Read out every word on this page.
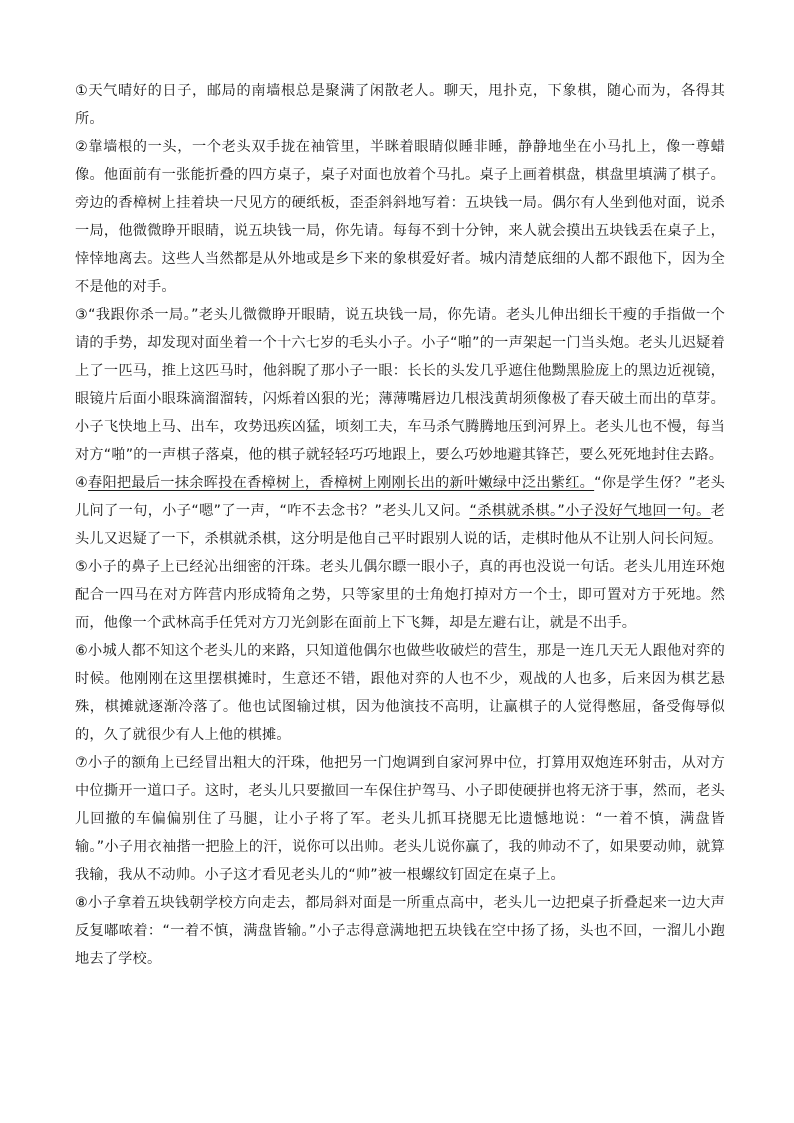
①天气晴好的日子，邮局的南墙根总是聚满了闲散老人。聊天，甩扑克，下象棋，随心而为，各得其所。

②靠墙根的一头，一个老头双手拢在袖管里，半眯着眼睛似睡非睡，静静地坐在小马扎上，像一尊蜡像。他面前有一张能折叠的四方桌子，桌子对面也放着个马扎。桌子上画着棋盘，棋盘里填满了棋子。旁边的香樟树上挂着块一尺见方的硬纸板，歪歪斜斜地写着：五块钱一局。偶尔有人坐到他对面，说杀一局，他微微睁开眼睛，说五块钱一局，你先请。每每不到十分钟，来人就会摸出五块钱丢在桌子上，悻悻地离去。这些人当然都是从外地或是乡下来的象棋爱好者。城内清楚底细的人都不跟他下，因为全不是他的对手。

③“我跟你杀一局。”老头儿微微睁开眼睛，说五块钱一局，你先请。老头儿伸出细长干瘦的手指做一个请的手势，却发现对面坐着一个十六七岁的毛头小子。小子“啪”的一声架起一门当头炮。老头儿迟疑着上了一匹马，推上这匹马时，他斜睨了那小子一眼：长长的头发几乎遮住他黝黑脸庞上的黑边近视镜，眼镜片后面小眼珠滴溜溜转，闪烁着凶狠的光；薄薄嘴唇边几根浅黄胡须像极了春天破土而出的草芽。小子飞快地上马、出车，攻势迅疾凶猛，顷刻工夫，车马杀气腾腾地压到河界上。老头儿也不慢，每当对方“啪”的一声棋子落桌，他的棋子就轻轻巧巧地跟上，要么巧妙地避其锋芒，要么死死地封住去路。

④春阳把最后一抹余晖投在香樟树上，香樟树上刚刚长出的新叶嫩绿中泛出紫红。“你是学生伢？”老头儿问了一句，小子“嗯”了一声，“咋不去念书？”老头儿又问。“杀棋就杀棋。”小子没好气地回一句。老头儿又迟疑了一下，杀棋就杀棋，这分明是他自己平时跟别人说的话，走棋时他从不让别人问长问短。

⑤小子的鼻子上已经沁出细密的汗珠。老头儿偶尔瞟一眼小子，真的再也没说一句话。老头儿用连环炮配合一四马在对方阵营内形成犄角之势，只等家里的士角炮打掉对方一个士，即可置对方于死地。然而，他像一个武林高手任凭对方刀光剑影在面前上下飞舞，却是左避右让，就是不出手。

⑥小城人都不知这个老头儿的来路，只知道他偶尔也做些收破烂的营生，那是一连几天无人跟他对弈的时候。他刚刚在这里摆棋摊时，生意还不错，跟他对弈的人也不少，观战的人也多，后来因为棋艺悬殊，棋摊就逐渐冷落了。他也试图输过棋，因为他演技不高明，让赢棋子的人觉得憋屈，备受侮辱似的，久了就很少有人上他的棋摊。

⑦小子的额角上已经冒出粗大的汗珠，他把另一门炮调到自家河界中位，打算用双炮连环射击，从对方中位撕开一道口子。这时，老头儿只要撤回一车保住护驾马、小子即使硬拼也将无济于事，然而，老头儿回撤的车偏偏别住了马腿，让小子将了军。老头儿抓耳挠腮无比遗憾地说：“一着不慎，满盘皆输。”小子用衣袖揩一把脸上的汗，说你可以出帅。老头儿说你赢了，我的帅动不了，如果要动帅，就算我输，我从不动帅。小子这才看见老头儿的“帅”被一根螺纹钉固定在桌子上。

⑧小子拿着五块钱朝学校方向走去，都局斜对面是一所重点高中，老头儿一边把桌子折叠起来一边大声反复嘟哝着：“一着不慎，满盘皆输。”小子志得意满地把五块钱在空中扬了扬，头也不回，一溜儿小跑地去了学校。
